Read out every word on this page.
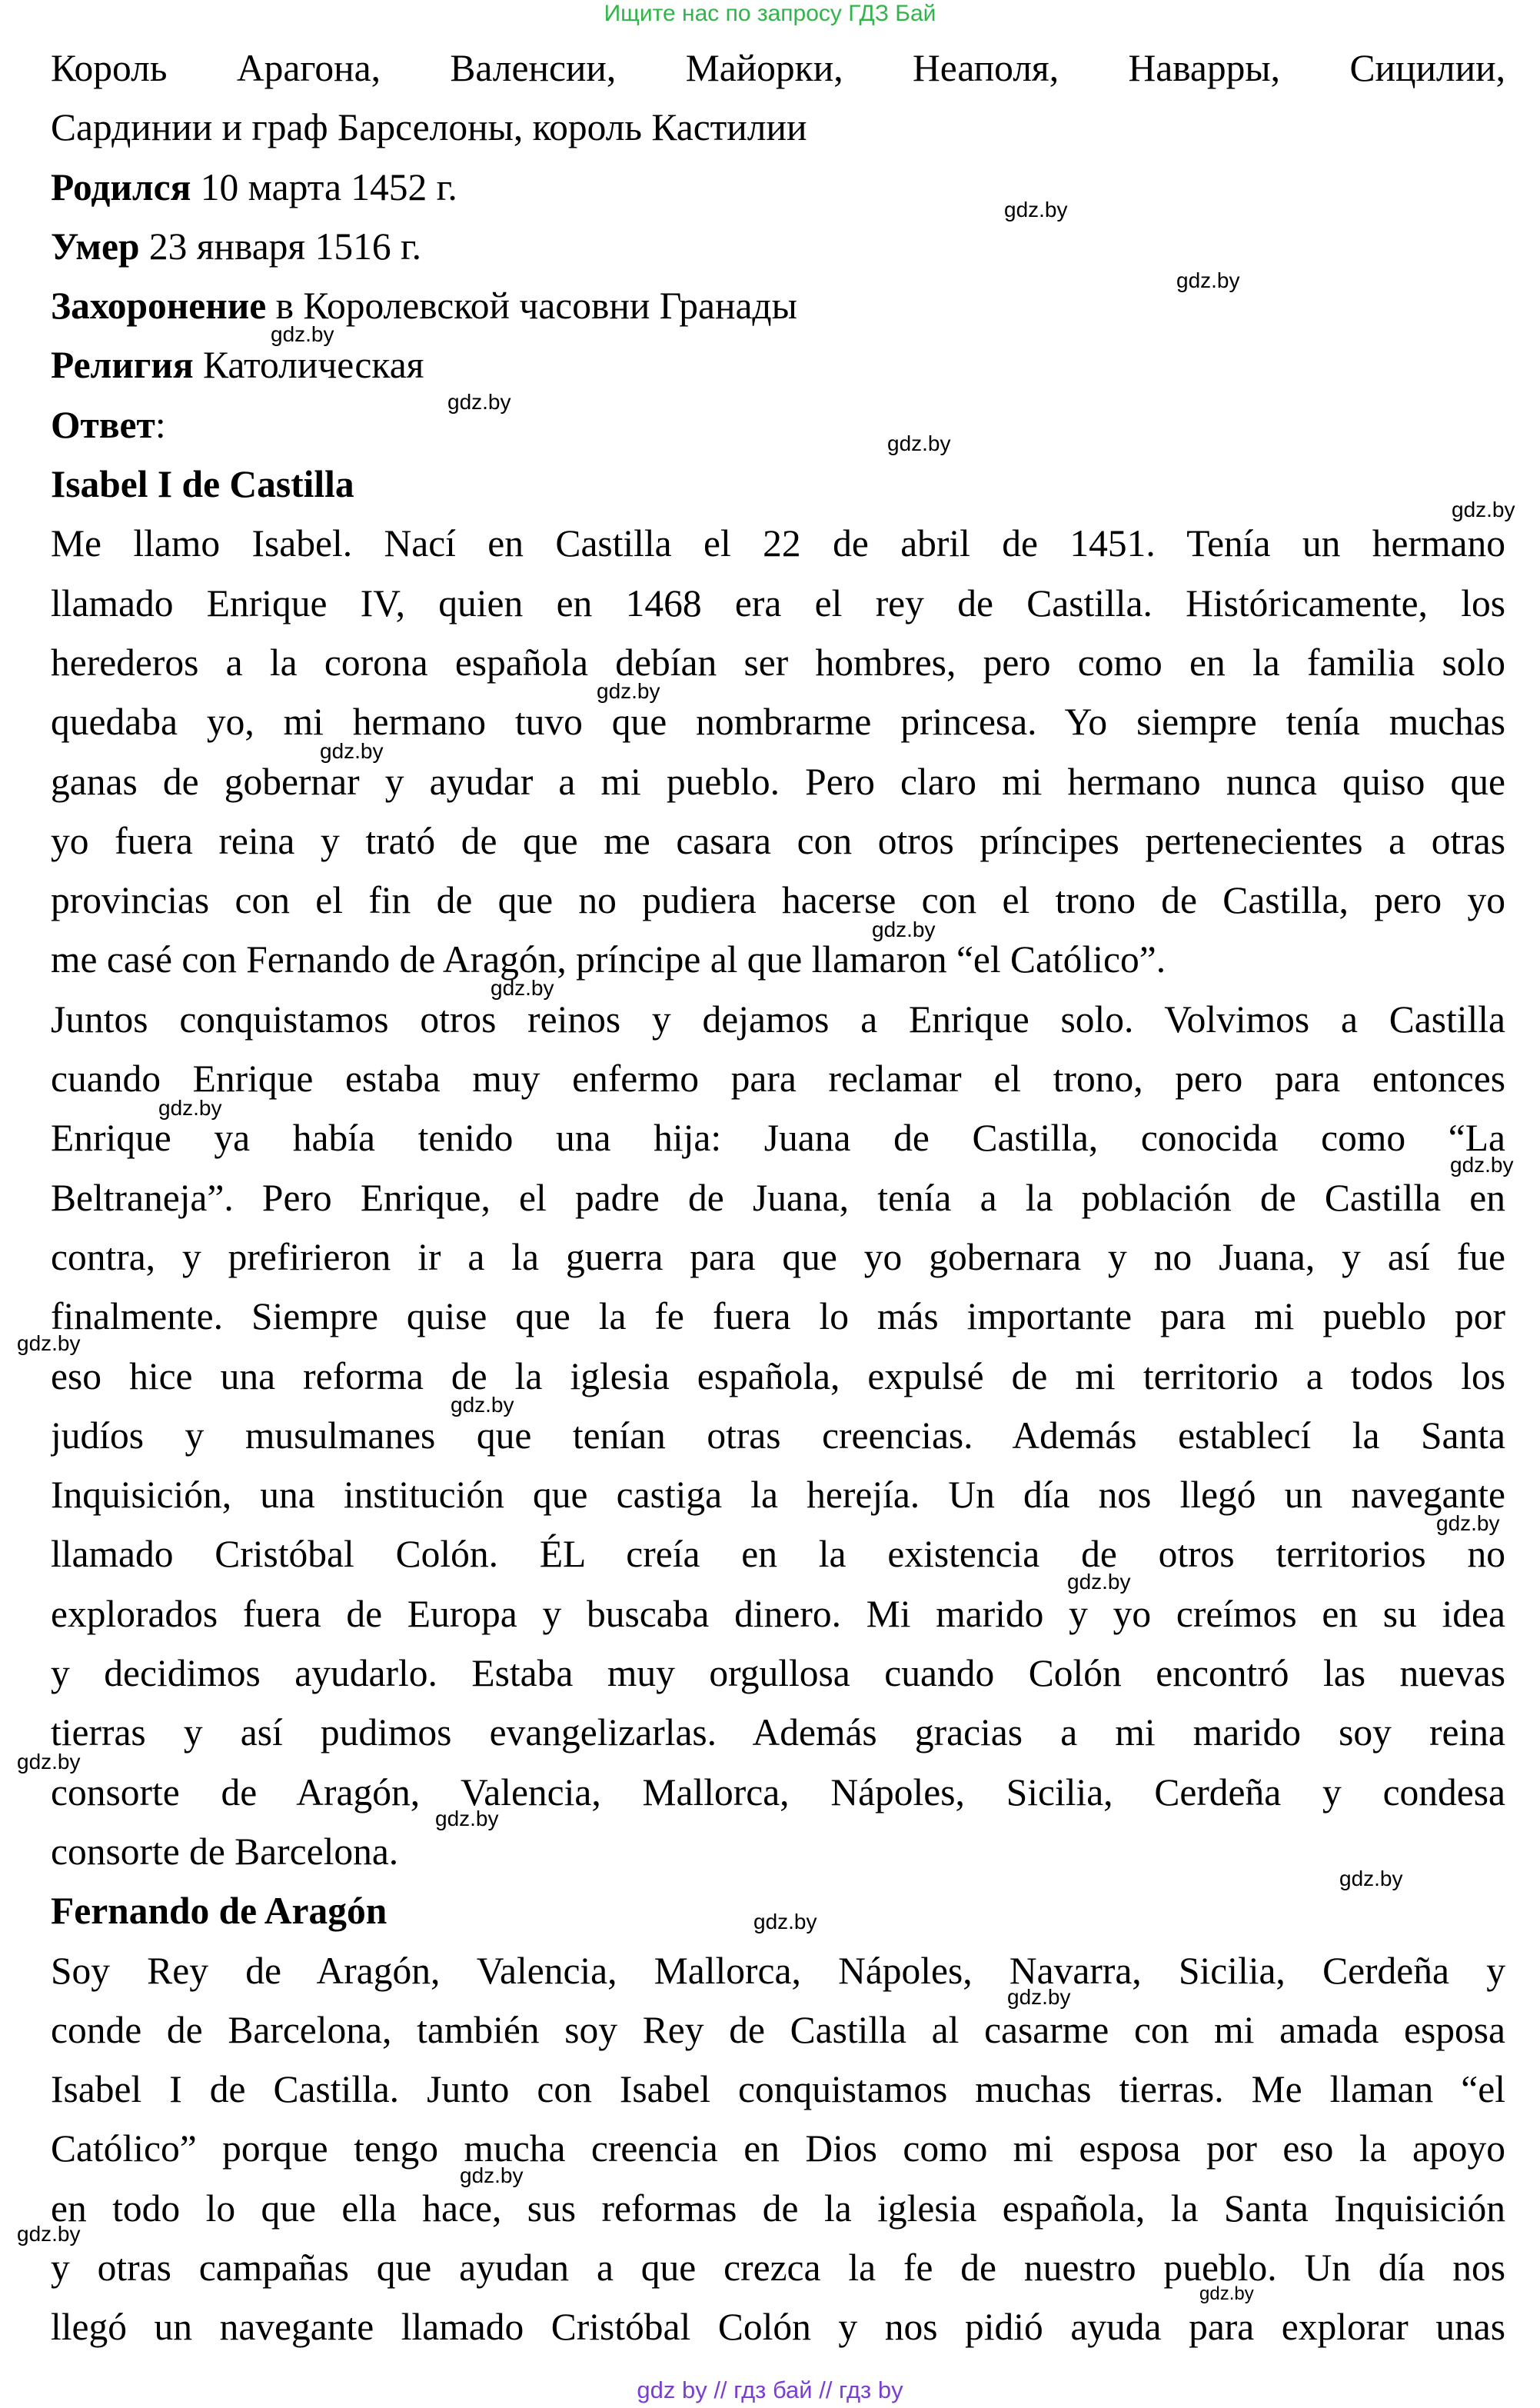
Ищите нас по запросу ГДЗ Бай
Король Арагона, Валенсии, Майорки, Неаполя, Наварры, Сицилии,
Сардинии и граф Барселоны, король Кастилии
Родился 10 марта 1452 г.
Умер 23 января 1516 г.
Захоронение в Королевской часовни Гранады
Религия Католическая
Ответ:
Isabel I de Castilla
Me llamo Isabel. Nací en Castilla el 22 de abril de 1451. Tenía un hermano
llamado Enrique IV, quien en 1468 era el rey de Castilla. Históricamente, los
herederos a la corona española debían ser hombres, pero como en la familia solo
quedaba yo, mi hermano tuvo que nombrarme princesa. Yo siempre tenía muchas
ganas de gobernar y ayudar a mi pueblo. Pero claro mi hermano nunca quiso que
yo fuera reina y trató de que me casara con otros príncipes pertenecientes a otras
provincias con el fin de que no pudiera hacerse con el trono de Castilla, pero yo
me casé con Fernando de Aragón, príncipe al que llamaron “el Católico”.
Juntos conquistamos otros reinos y dejamos a Enrique solo. Volvimos a Castilla
cuando Enrique estaba muy enfermo para reclamar el trono, pero para entonces
Enrique ya había tenido una hija: Juana de Castilla, conocida como “La
Beltraneja”. Pero Enrique, el padre de Juana, tenía a la población de Castilla en
contra, y prefirieron ir a la guerra para que yo gobernara y no Juana, y así fue
finalmente. Siempre quise que la fe fuera lo más importante para mi pueblo por
eso hice una reforma de la iglesia española, expulsé de mi territorio a todos los
judíos y musulmanes que tenían otras creencias. Además establecí la Santa
Inquisición, una institución que castiga la herejía. Un día nos llegó un navegante
llamado Cristóbal Colón. ÉL creía en la existencia de otros territorios no
explorados fuera de Europa y buscaba dinero. Mi marido y yo creímos en su idea
y decidimos ayudarlo. Estaba muy orgullosa cuando Colón encontró las nuevas
tierras y así pudimos evangelizarlas. Además gracias a mi marido soy reina
consorte de Aragón, Valencia, Mallorca, Nápoles, Sicilia, Cerdeña y condesa
consorte de Barcelona.
Fernando de Aragón
Soy Rey de Aragón, Valencia, Mallorca, Nápoles, Navarra, Sicilia, Cerdeña y
conde de Barcelona, también soy Rey de Castilla al casarme con mi amada esposa
Isabel I de Castilla. Junto con Isabel conquistamos muchas tierras. Me llaman “el
Católico” porque tengo mucha creencia en Dios como mi esposa por eso la apoyo
en todo lo que ella hace, sus reformas de la iglesia española, la Santa Inquisición
y otras campañas que ayudan a que crezca la fe de nuestro pueblo. Un día nos
llegó un navegante llamado Cristóbal Colón y nos pidió ayuda para explorar unas
gdz.by
gdz.by
gdz.by
gdz.by
gdz.by
gdz.by
gdz.by
gdz.by
gdz.by
gdz.by
gdz.by
gdz.by
gdz.by
gdz.by
gdz.by
gdz.by
gdz.by
gdz.by
gdz.by
gdz.by
gdz.by
gdz.by
gdz.by
gdz.by
gdz by // гдз бай // гдз by
